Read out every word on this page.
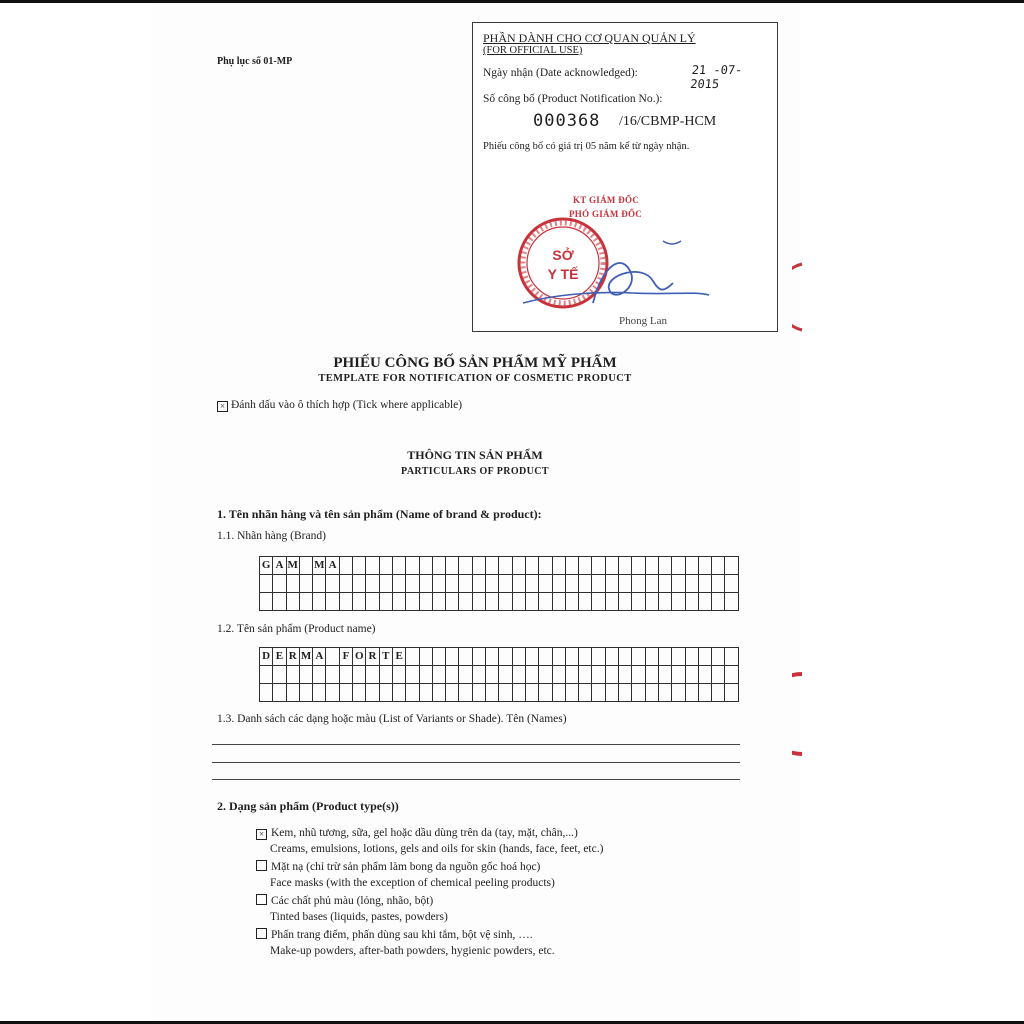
Phụ lục số 01-MP
PHẦN DÀNH CHO CƠ QUAN QUẢN LÝ
(FOR OFFICIAL USE)
Ngày nhận (Date acknowledged):	21 -07- 2015
Số công bố (Product Notification No.):
000368 /16/CBMP-HCM
Phiếu công bố có giá trị 05 năm kể từ ngày nhận.
KT GIÁM ĐỐC
PHÓ GIÁM ĐỐC
SỞ
Y TẾ
Phong Lan
PHIẾU CÔNG BỐ SẢN PHẨM MỸ PHẨM
TEMPLATE FOR NOTIFICATION OF COSMETIC PRODUCT
× Đánh dấu vào ô thích hợp (Tick where applicable)
THÔNG TIN SẢN PHẨM
PARTICULARS OF PRODUCT
1. Tên nhãn hàng và tên sản phẩm (Name of brand & product):
1.1. Nhãn hàng (Brand)
G	A	M		M	A																														

1.2. Tên sản phẩm (Product name)
D	E	R	M	A		F	O	R	T	E																									

1.3. Danh sách các dạng hoặc màu (List of Variants or Shade). Tên (Names)
2. Dạng sản phẩm (Product type(s))
× Kem, nhũ tương, sữa, gel hoặc dầu dùng trên da (tay, mặt, chân,...)
Creams, emulsions, lotions, gels and oils for skin (hands, face, feet, etc.)
Mặt nạ (chỉ trừ sản phẩm làm bong da nguồn gốc hoá học)
Face masks (with the exception of chemical peeling products)
Các chất phủ màu (lỏng, nhão, bột)
Tinted bases (liquids, pastes, powders)
Phấn trang điểm, phấn dùng sau khi tắm, bột vệ sinh, ….
Make-up powders, after-bath powders, hygienic powders, etc.
